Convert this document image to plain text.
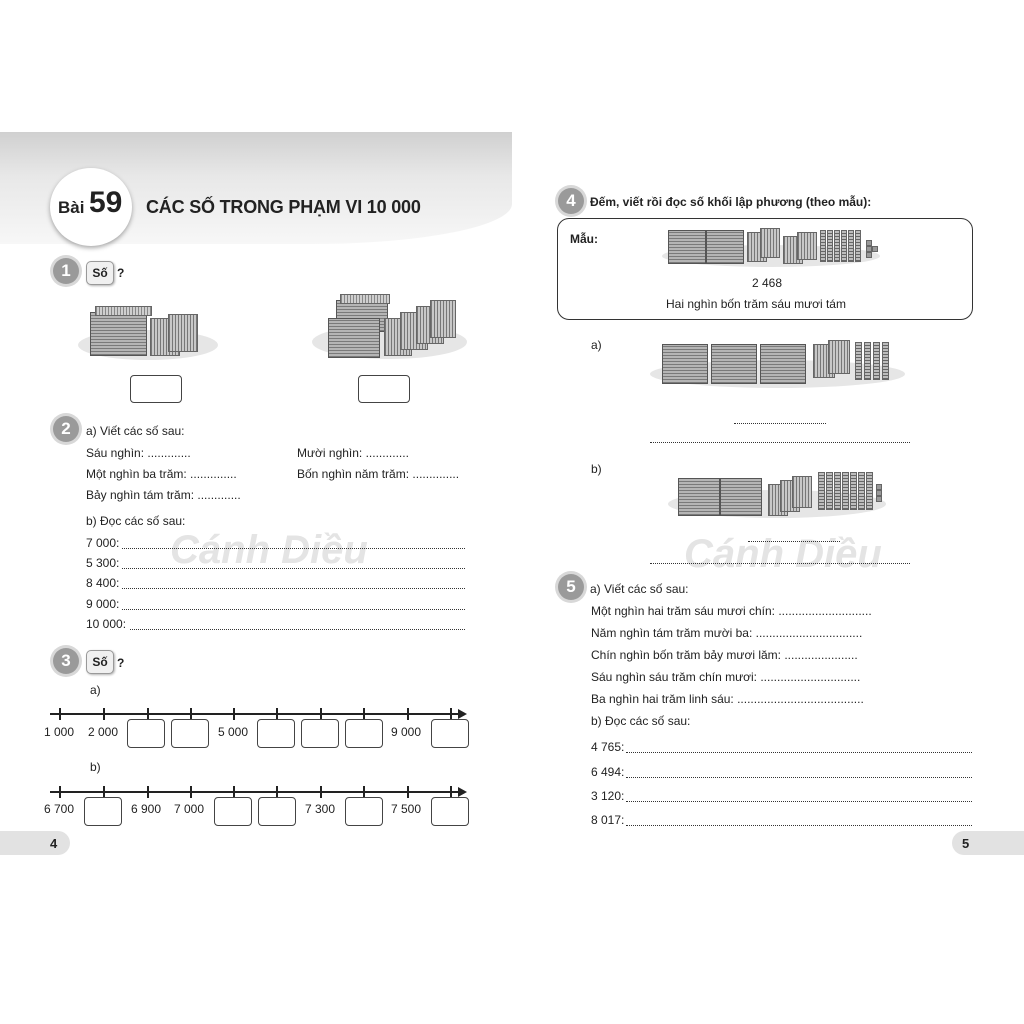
Bài 59 CÁC SỐ TRONG PHẠM VI 10 000
Cánh Diều	Cánh Diều
1	Số ?
2	a) Viết các số sau:
Sáu nghìn: .............	Mười nghìn: .............
Một nghìn ba trăm: ..............	Bốn nghìn năm trăm: ..............
Bảy nghìn tám trăm: .............
b) Đọc các số sau:
7 000:
5 300:
8 400:
9 000:
10 000:
3	Số ?
a)
1 000 2 000	5 000	9 000
b)
6 700	6 900 7 000	7 300	7 500
4
4	Đếm, viết rồi đọc số khối lập phương (theo mẫu):
Mẫu:
2 468
Hai nghìn bốn trăm sáu mươi tám
a)
b)
5	a) Viết các số sau:
Một nghìn hai trăm sáu mươi chín: ............................
Năm nghìn tám trăm mười ba: ................................
Chín nghìn bốn trăm bảy mươi lăm: ......................
Sáu nghìn sáu trăm chín mươi: ..............................
Ba nghìn hai trăm linh sáu: ......................................
b) Đọc các số sau:
4 765:
6 494:
3 120:
8 017:
5
